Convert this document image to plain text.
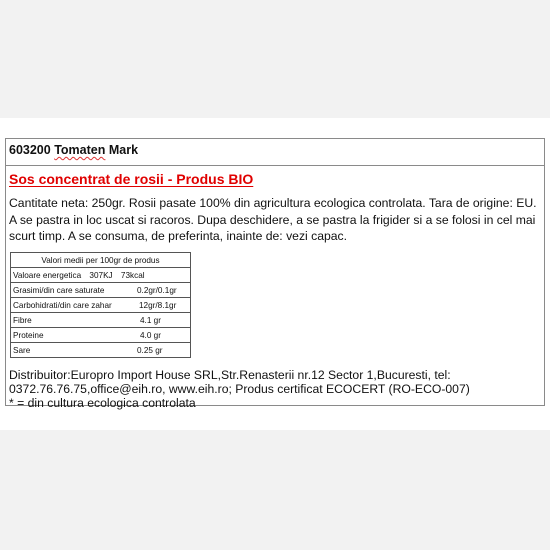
603200 Tomaten Mark
Sos concentrat de rosii - Produs BIO

Cantitate neta: 250gr. Rosii pasate 100% din agricultura ecologica controlata. Tara de origine: EU. A se pastra in loc uscat si racoros. Dupa deschidere, a se pastra la frigider si a se folosi in cel mai scurt timp. A se consuma, de preferinta, inainte de: vezi capac.

Valori medii per 100gr de produs
Valoare energetica 307KJ 73kcal
Grasimi/din care saturate	0.2gr/0.1gr

Carbohidrati/din care zahar	12gr/8.1gr

Fibre	4.1 gr

Proteine	4.0 gr

Sare	0.25 gr

Distribuitor:Europro Import House SRL,Str.Renasterii nr.12 Sector 1,Bucuresti, tel: 0372.76.76.75,office@eih.ro, www.eih.ro; Produs certificat ECOCERT (RO-ECO-007)

* = din cultura ecologica controlata
